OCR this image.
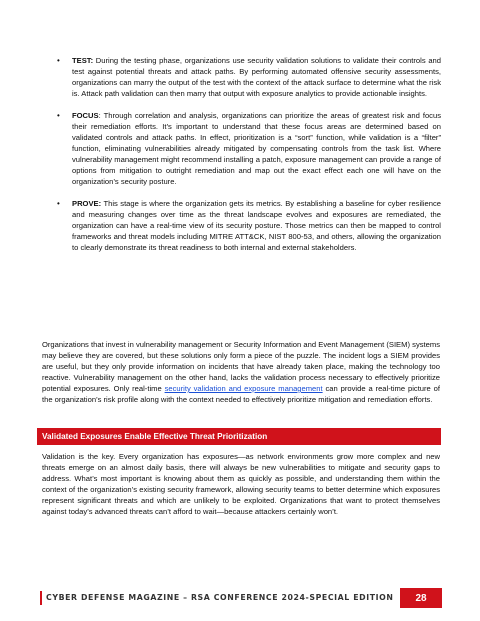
• TEST: During the testing phase, organizations use security validation solutions to validate their controls and test against potential threats and attack paths. By performing automated offensive security assessments, organizations can marry the output of the test with the context of the attack surface to determine what the risk is. Attack path validation can then marry that output with exposure analytics to provide actionable insights.
• FOCUS: Through correlation and analysis, organizations can prioritize the areas of greatest risk and focus their remediation efforts. It’s important to understand that these focus areas are determined based on validated controls and attack paths. In effect, prioritization is a “sort” function, while validation is a “filter” function, eliminating vulnerabilities already mitigated by compensating controls from the task list. Where vulnerability management might recommend installing a patch, exposure management can provide a range of options from mitigation to outright remediation and map out the exact effect each one will have on the organization’s security posture.
• PROVE: This stage is where the organization gets its metrics. By establishing a baseline for cyber resilience and measuring changes over time as the threat landscape evolves and exposures are remediated, the organization can have a real-time view of its security posture. Those metrics can then be mapped to control frameworks and threat models including MITRE ATT&CK, NIST 800-53, and others, allowing the organization to clearly demonstrate its threat readiness to both internal and external stakeholders.

Organizations that invest in vulnerability management or Security Information and Event Management (SIEM) systems may believe they are covered, but these solutions only form a piece of the puzzle. The incident logs a SIEM provides are useful, but they only provide information on incidents that have already taken place, making the technology too reactive. Vulnerability management on the other hand, lacks the validation process necessary to effectively prioritize potential exposures. Only real-time security validation and exposure management can provide a real-time picture of the organization’s risk profile along with the context needed to effectively prioritize mitigation and remediation efforts.

Validated Exposures Enable Effective Threat Prioritization

Validation is the key. Every organization has exposures—as network environments grow more complex and new threats emerge on an almost daily basis, there will always be new vulnerabilities to mitigate and security gaps to address. What’s most important is knowing about them as quickly as possible, and understanding them within the context of the organization’s existing security framework, allowing security teams to better determine which exposures represent significant threats and which are unlikely to be exploited. Organizations that want to protect themselves against today’s advanced threats can’t afford to wait—because attackers certainly won’t.

CYBER DEFENSE MAGAZINE – RSA CONFERENCE 2024-SPECIAL EDITION 28
